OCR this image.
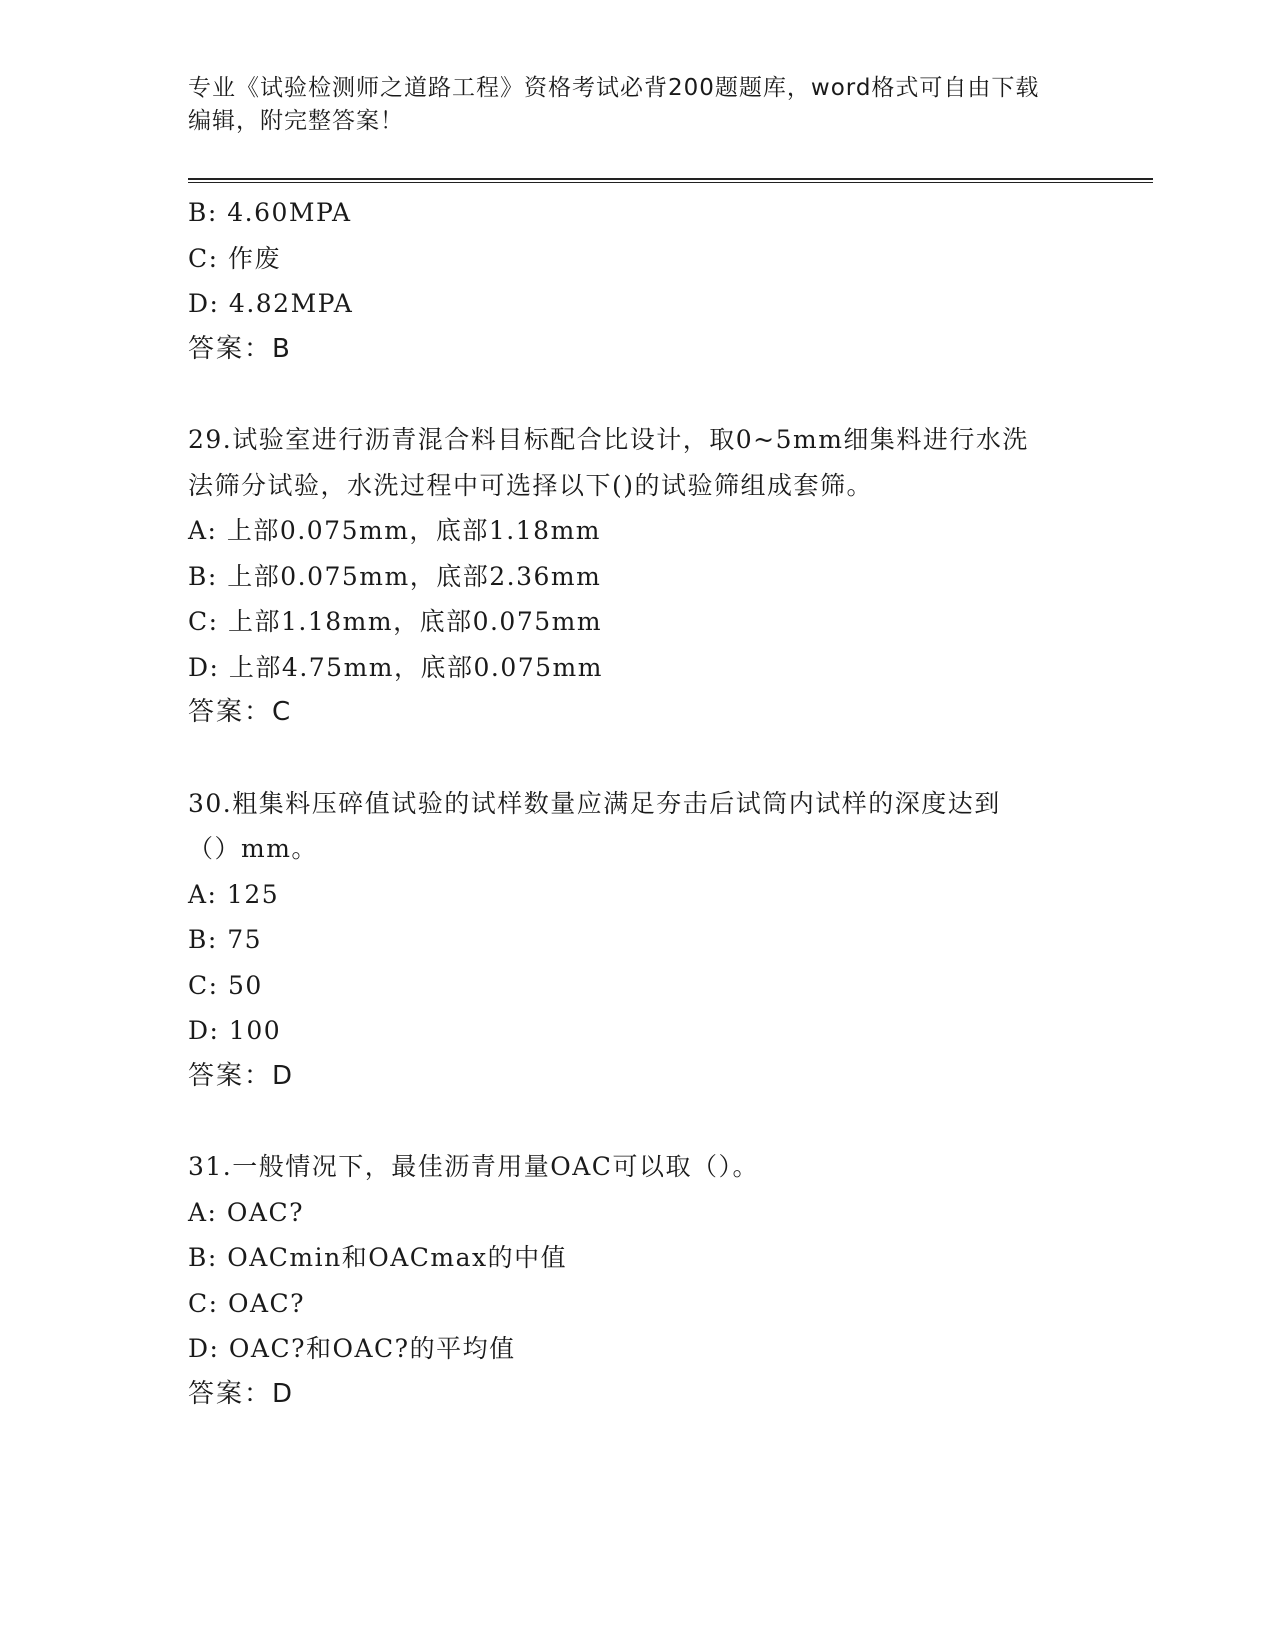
专业《试验检测师之道路工程》资格考试必背200题题库，word格式可自由下载
编辑，附完整答案！
B: 4.60MPA
C: 作废
D: 4.82MPA
答案：B
29.试验室进行沥青混合料目标配合比设计，取0~5mm细集料进行水洗
法筛分试验，水洗过程中可选择以下()的试验筛组成套筛。
A: 上部0.075mm，底部1.18mm
B: 上部0.075mm，底部2.36mm
C: 上部1.18mm，底部0.075mm
D: 上部4.75mm，底部0.075mm
答案：C
30.粗集料压碎值试验的试样数量应满足夯击后试筒内试样的深度达到
（）mm。
A: 125
B: 75
C: 50
D: 100
答案：D
31.一般情况下，最佳沥青用量OAC可以取（）。
A: OAC?
B: OACmin和OACmax的中值
C: OAC?
D: OAC?和OAC?的平均值
答案：D
